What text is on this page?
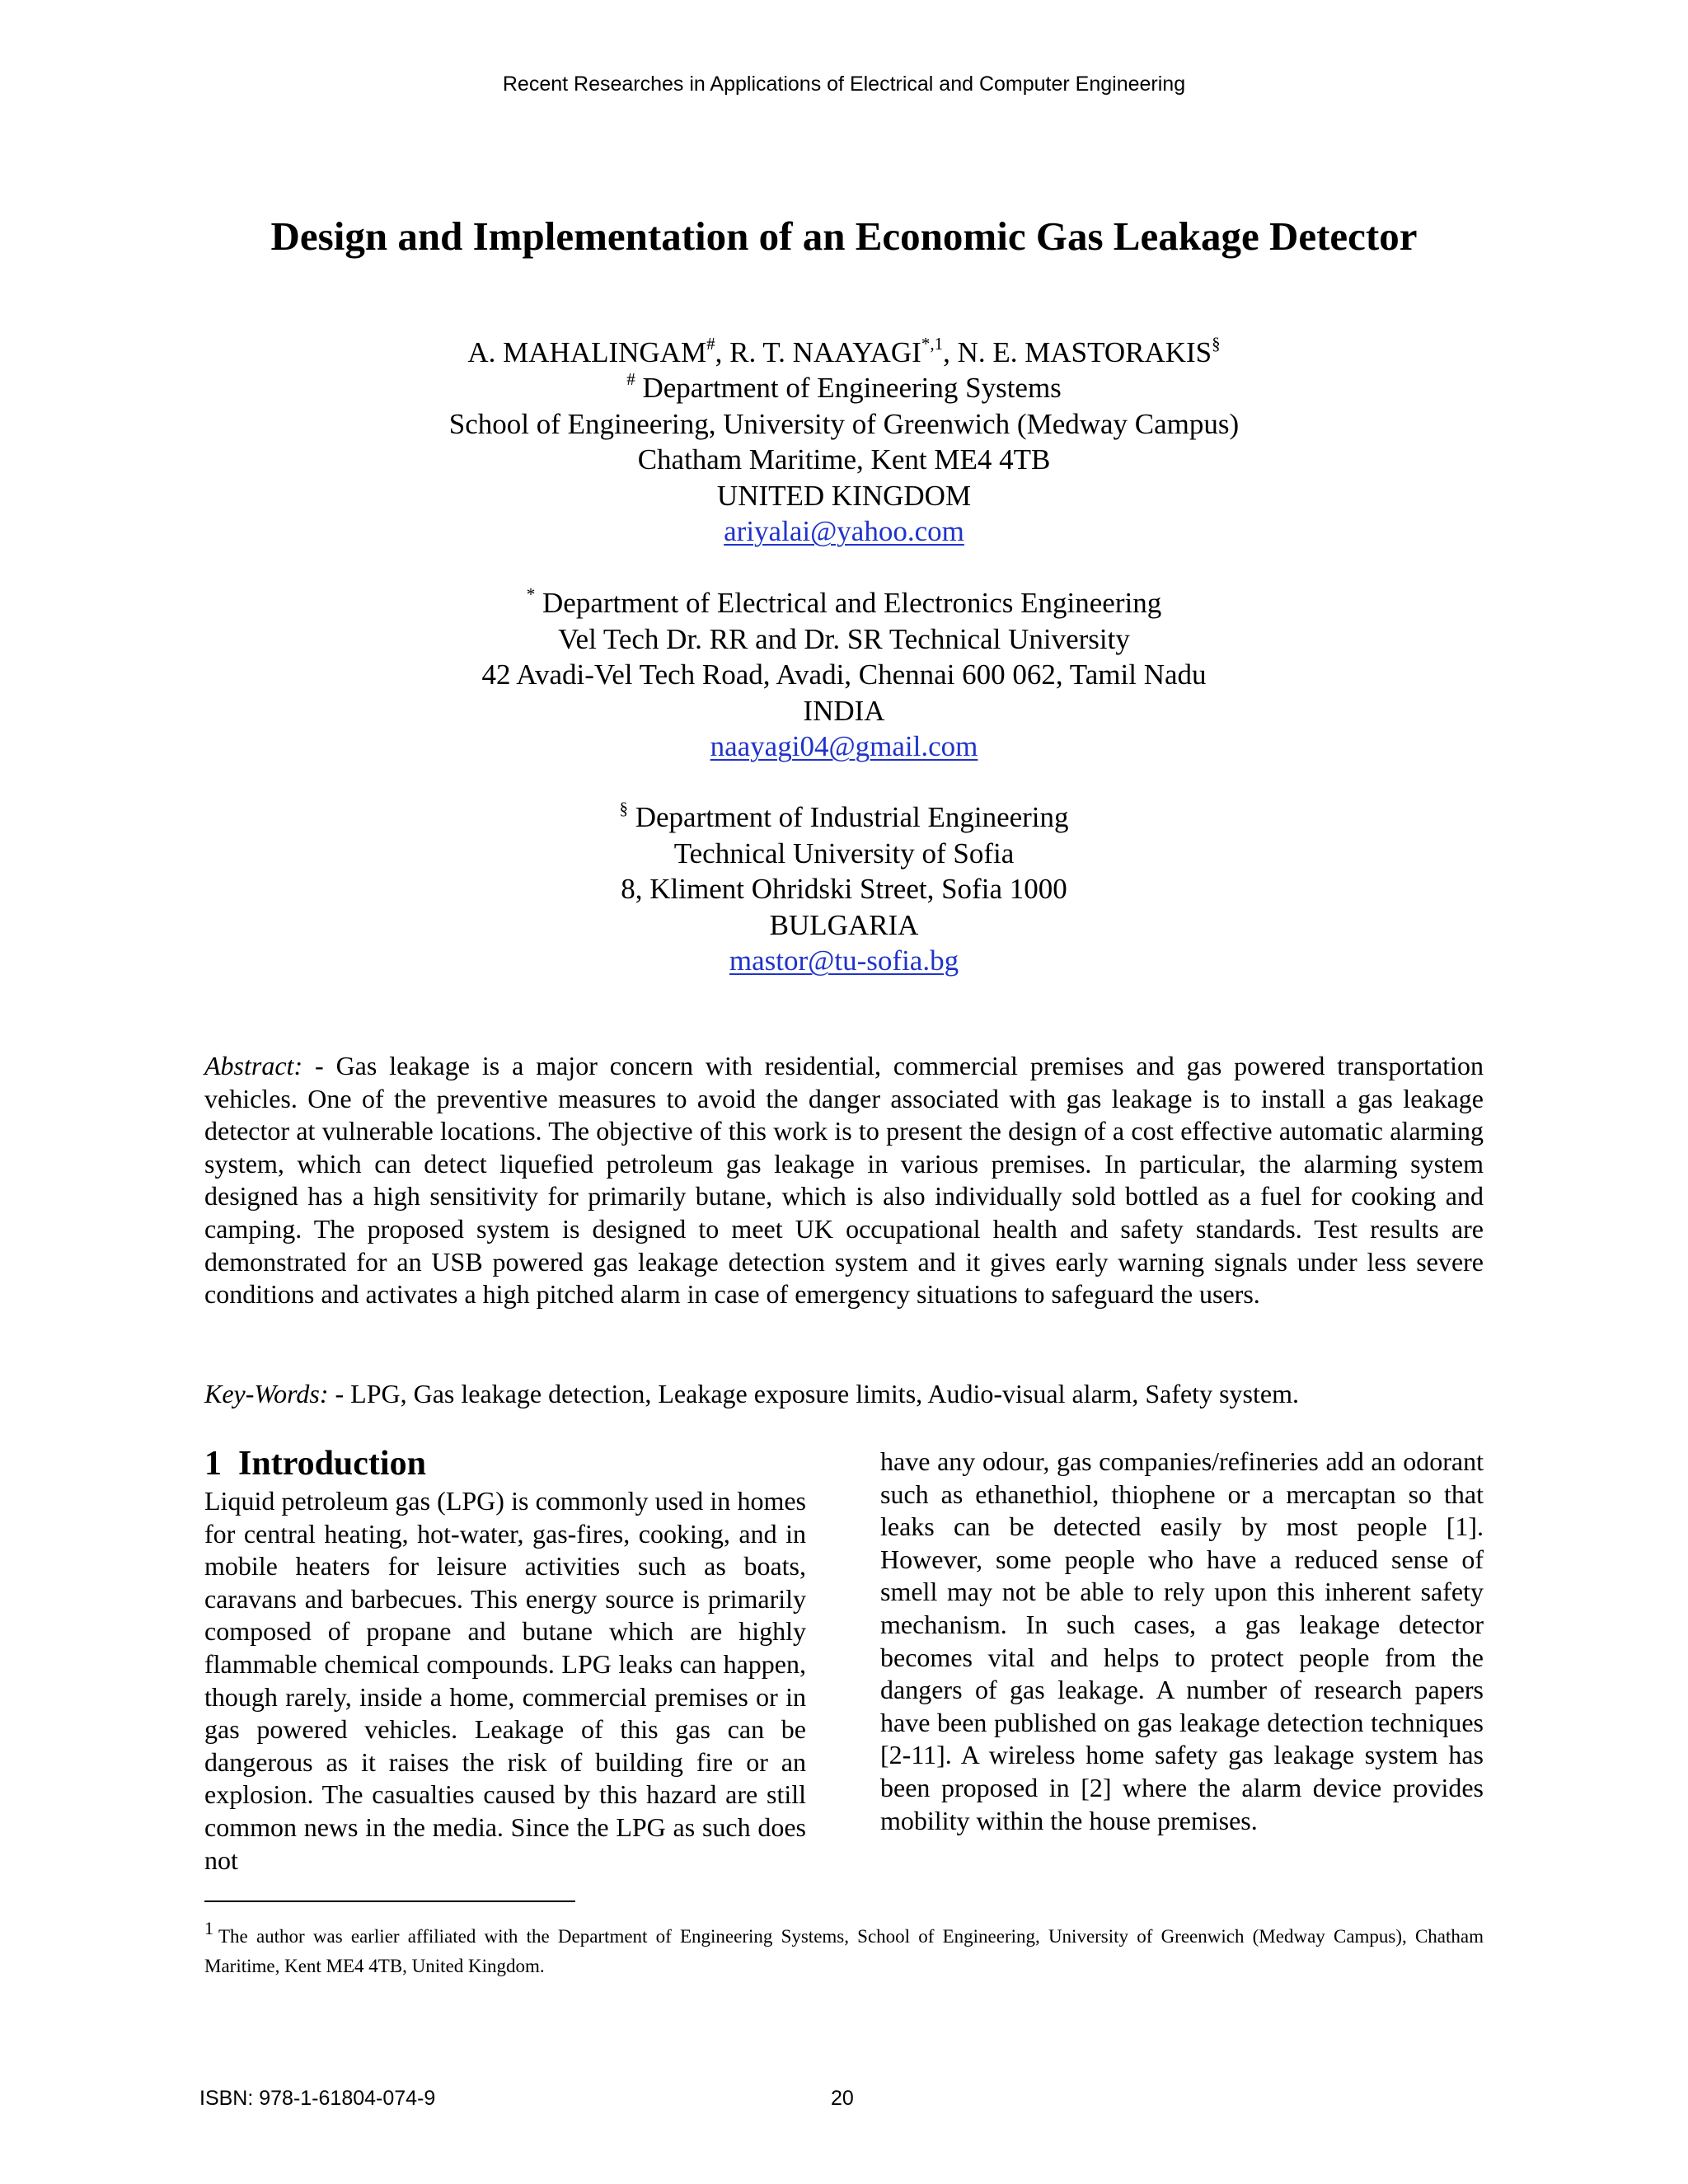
Recent Researches in Applications of Electrical and Computer Engineering
Design and Implementation of an Economic Gas Leakage Detector
A. MAHALINGAM#, R. T. $NAAYAGI^{*,1}$, N. E. MASTORAKIS§
# Department of Engineering Systems
School of Engineering, University of Greenwich (Medway Campus)
Chatham Maritime, Kent ME4 4TB
UNITED KINGDOM
ariyalai@yahoo.com
* Department of Electrical and Electronics Engineering
Vel Tech Dr. RR and Dr. SR Technical University
42 Avadi-Vel Tech Road, Avadi, Chennai 600 062, Tamil Nadu
INDIA
naayagi04@gmail.com
§ Department of Industrial Engineering
Technical University of Sofia
8, Kliment Ohridski Street, Sofia 1000
BULGARIA
mastor@tu-sofia.bg
Abstract: - Gas leakage is a major concern with residential, commercial premises and gas powered transportation vehicles. One of the preventive measures to avoid the danger associated with gas leakage is to install a gas leakage detector at vulnerable locations. The objective of this work is to present the design of a cost effective automatic alarming system, which can detect liquefied petroleum gas leakage in various premises. In particular, the alarming system designed has a high sensitivity for primarily butane, which is also individually sold bottled as a fuel for cooking and camping. The proposed system is designed to meet UK occupational health and safety standards. Test results are demonstrated for an USB powered gas leakage detection system and it gives early warning signals under less severe conditions and activates a high pitched alarm in case of emergency situations to safeguard the users.
Key-Words: - LPG, Gas leakage detection, Leakage exposure limits, Audio-visual alarm, Safety system.
1 Introduction
Liquid petroleum gas (LPG) is commonly used in homes for central heating, hot-water, gas-fires, cooking, and in mobile heaters for leisure activities such as boats, caravans and barbecues. This energy source is primarily composed of propane and butane which are highly flammable chemical compounds. LPG leaks can happen, though rarely, inside a home, commercial premises or in gas powered vehicles. Leakage of this gas can be dangerous as it raises the risk of building fire or an explosion. The casualties caused by this hazard are still common news in the media. Since the LPG as such does not
have any odour, gas companies/refineries add an odorant such as ethanethiol, thiophene or a mercaptan so that leaks can be detected easily by most people [1]. However, some people who have a reduced sense of smell may not be able to rely upon this inherent safety mechanism. In such cases, a gas leakage detector becomes vital and helps to protect people from the dangers of gas leakage. A number of research papers have been published on gas leakage detection techniques [2-11]. A wireless home safety gas leakage system has been proposed in [2] where the alarm device provides mobility within the house premises.
$^1$ The author was earlier affiliated with the Department of Engineering Systems, School of Engineering, University of Greenwich (Medway Campus), Chatham Maritime, Kent ME4 4TB, United Kingdom.
ISBN: 978-1-61804-074-9	20
